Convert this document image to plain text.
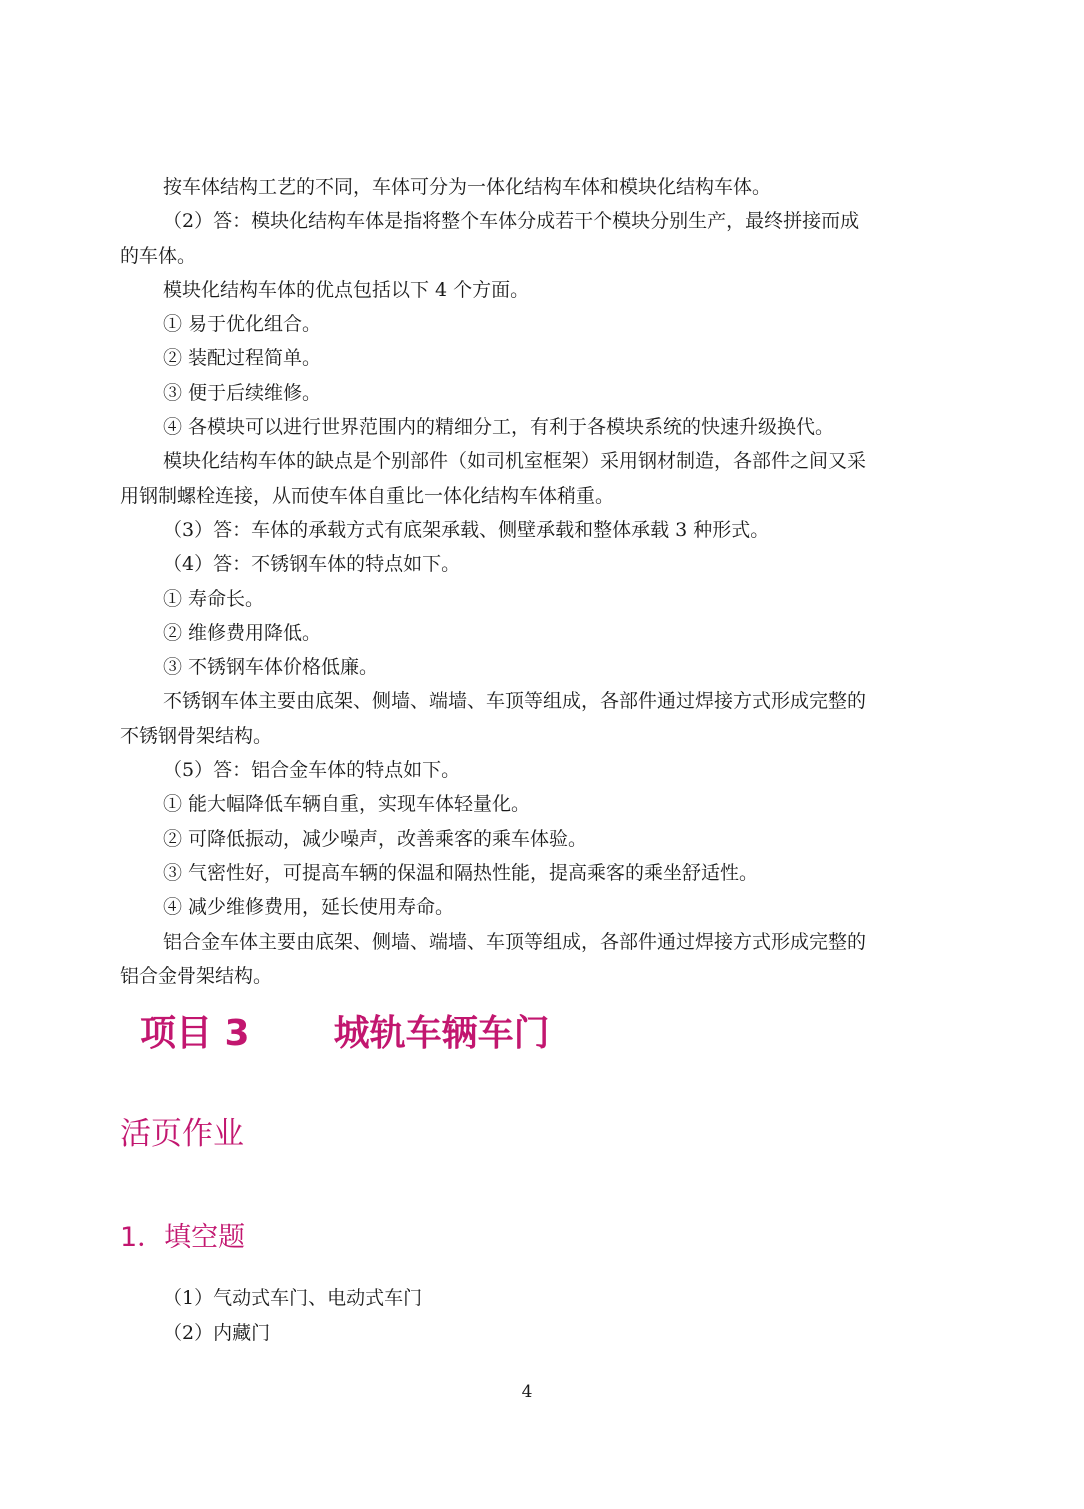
按车体结构工艺的不同，车体可分为一体化结构车体和模块化结构车体。

（2）答：模块化结构车体是指将整个车体分成若干个模块分别生产，最终拼接而成

的车体。

模块化结构车体的优点包括以下 4 个方面。

① 易于优化组合。

② 装配过程简单。

③ 便于后续维修。

④ 各模块可以进行世界范围内的精细分工，有利于各模块系统的快速升级换代。

模块化结构车体的缺点是个别部件（如司机室框架）采用钢材制造，各部件之间又采

用钢制螺栓连接，从而使车体自重比一体化结构车体稍重。

（3）答：车体的承载方式有底架承载、侧壁承载和整体承载 3 种形式。

（4）答：不锈钢车体的特点如下。

① 寿命长。

② 维修费用降低。

③ 不锈钢车体价格低廉。

不锈钢车体主要由底架、侧墙、端墙、车顶等组成，各部件通过焊接方式形成完整的

不锈钢骨架结构。

（5）答：铝合金车体的特点如下。

① 能大幅降低车辆自重，实现车体轻量化。

② 可降低振动，减少噪声，改善乘客的乘车体验。

③ 气密性好，可提高车辆的保温和隔热性能，提高乘客的乘坐舒适性。

④ 减少维修费用，延长使用寿命。

铝合金车体主要由底架、侧墙、端墙、车顶等组成，各部件通过焊接方式形成完整的

铝合金骨架结构。

项目 3 城轨车辆车门
活页作业
1．填空题

（1）气动式车门、电动式车门

（2）内藏门

4
